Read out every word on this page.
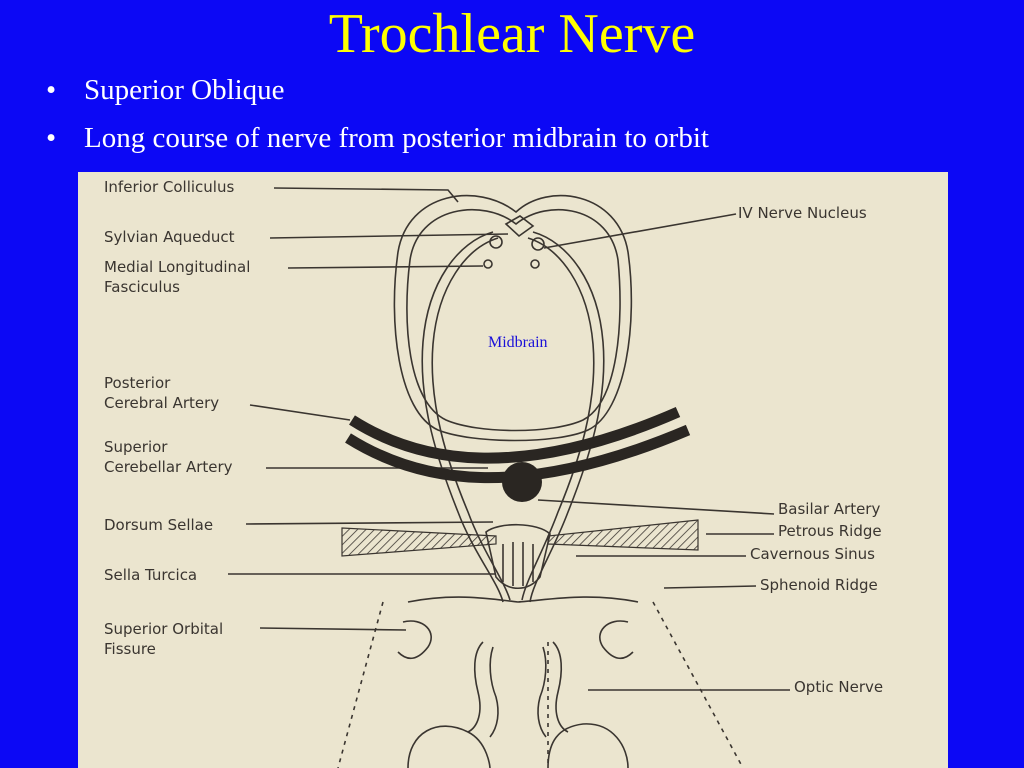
Trochlear Nerve
• Superior Oblique
• Long course of nerve from posterior midbrain to orbit
Midbrain
Inferior Colliculus
Sylvian Aqueduct
Medial Longitudinal
Fasciculus
Posterior
Cerebral Artery
Superior
Cerebellar Artery
Dorsum Sellae
Sella Turcica
Superior Orbital
Fissure
IV Nerve Nucleus
Basilar Artery
Petrous Ridge
Cavernous Sinus
Sphenoid Ridge
Optic Nerve
